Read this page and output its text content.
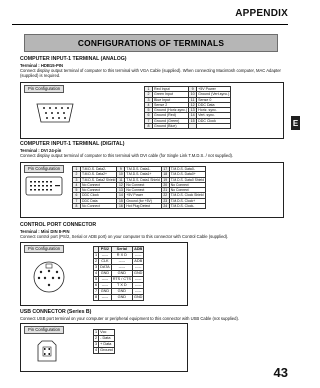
APPENDIX
E
CONFIGURATIONS OF TERMINALS
COMPUTER INPUT-1 TERMINAL (ANALOG)
Terminal : HDB15-PIN
Connect display output terminal of computer to this terminal with VGA Cable (supplied). When connecting Macintosh computer, MAC Adapter (supplied) is required.
Pin Configuration	1	Red Input	9	+5V Power
2	Green Input	10	Ground (Vert.sync.)
3	Blue Input	11	Sense 0
4	Sense 2	12	DDC Data
5	Ground (Horiz.sync.)	13	Horiz. sync.
6	Ground (Red)	14	Vert. sync.
7	Ground (Green)	15	DDC Clock
8	Ground (Blue)		
COMPUTER INPUT-1 TERMINAL (DIGITAL)
Terminal : DVI 24-pin
Connect display output terminal of computer to this terminal with DVI cable (for Single Link T.M.D.S. / not supplied).
Pin Configuration	1	T.M.D.S. Data2-	9	T.M.D.S. Data1-	17	T.M.D.S. Data0-
2	T.M.D.S. Data2+	10	T.M.D.S. Data1+	18	T.M.D.S. Data0+
3	T.M.D.S. Data2 Shield	11	T.M.D.S. Data1 Shield	19	T.M.D.S. Data0 Shield
4	No Connect	12	No Connect	20	No Connect
5	No Connect	13	No Connect	21	No Connect
6	DDC Clock	14	+5V Power	22	T.M.D.S. Clock Shield
7	DDC Data	15	Ground (for +5V)	23	T.M.D.S. Clock+
8	No Connect	16	Hot Plug Detect	24	T.M.D.S. Clock-
CONTROL PORT CONNECTOR
Terminal : Mini DIN 8-PIN
Connect control port (PS/2, Serial or ADB port) on your computer to this connector with Control Cable (supplied).
Pin Configuration
		PS/2	Serial	ADB
1	-----	R X D	-----
2	CLK	-----	ADB
3	DATA	-----	-----
4	GND	GND	GND
5	-----	RTS / CTS	-----
6	-----	T X D	-----
7	GND	GND	-----
8	-----	GND	GND
USB CONNECTOR (Series B)
Connect USB port terminal on your computer or peripheral equipment to this connector with USB Cable (not supplied).
Pin Configuration	1	Vcc
2	- Data
3	+ Data
4	Ground
43
